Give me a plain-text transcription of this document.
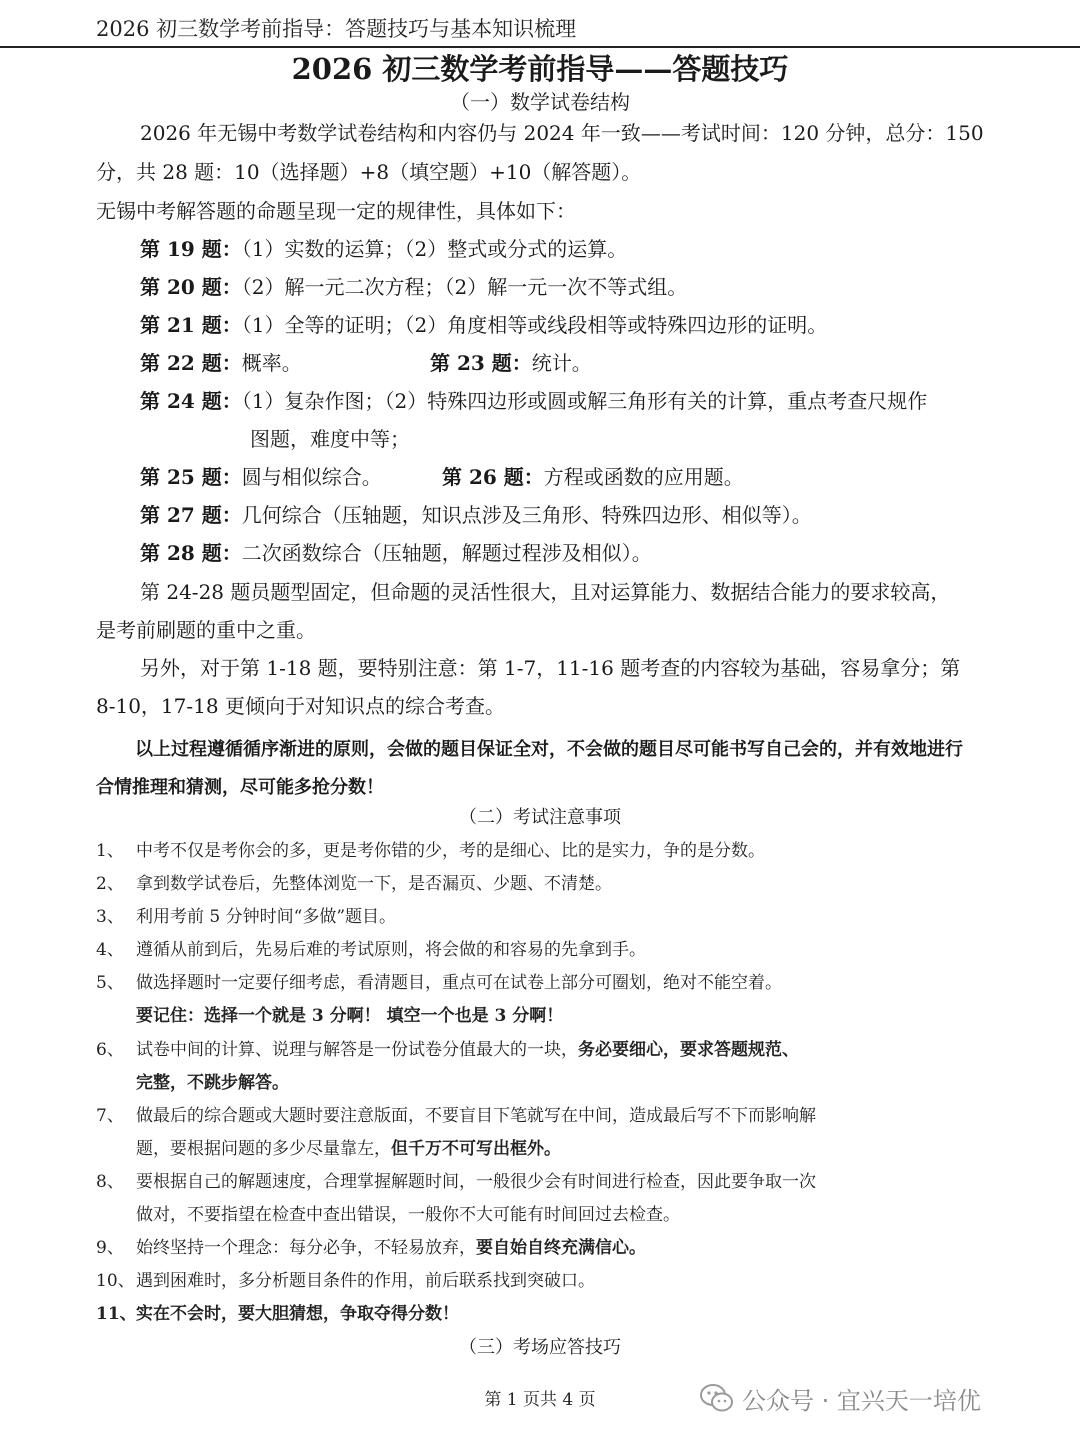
2026 初三数学考前指导：答题技巧与基本知识梳理
2026 初三数学考前指导——答题技巧
（一）数学试卷结构
2026 年无锡中考数学试卷结构和内容仍与 2024 年一致——考试时间：120 分钟，总分：150
分，共 28 题：10（选择题）+8（填空题）+10（解答题）。
无锡中考解答题的命题呈现一定的规律性，具体如下：
第 19 题：（1）实数的运算；（2）整式或分式的运算。
第 20 题：（2）解一元二次方程；（2）解一元一次不等式组。
第 21 题：（1）全等的证明；（2）角度相等或线段相等或特殊四边形的证明。
第 22 题：概率。	第 23 题：统计。
第 24 题：（1）复杂作图；（2）特殊四边形或圆或解三角形有关的计算，重点考查尺规作
图题，难度中等；
第 25 题：圆与相似综合。	第 26 题：方程或函数的应用题。
第 27 题：几何综合（压轴题，知识点涉及三角形、特殊四边形、相似等）。
第 28 题：二次函数综合（压轴题，解题过程涉及相似）。
第 24-28 题员题型固定，但命题的灵活性很大，且对运算能力、数据结合能力的要求较高，
是考前刷题的重中之重。
另外，对于第 1-18 题，要特别注意：第 1-7，11-16 题考查的内容较为基础，容易拿分；第
8-10，17-18 更倾向于对知识点的综合考查。
以上过程遵循循序渐进的原则，会做的题目保证全对，不会做的题目尽可能书写自己会的，并有效地进行
合情推理和猜测，尽可能多抢分数！
（二）考试注意事项
1、 中考不仅是考你会的多，更是考你错的少，考的是细心、比的是实力，争的是分数。
2、 拿到数学试卷后，先整体浏览一下，是否漏页、少题、不清楚。
3、 利用考前 5 分钟时间“多做”题目。
4、 遵循从前到后，先易后难的考试原则，将会做的和容易的先拿到手。
5、 做选择题时一定要仔细考虑，看清题目，重点可在试卷上部分可圈划，绝对不能空着。
要记住：选择一个就是 3 分啊！ 填空一个也是 3 分啊！
6、 试卷中间的计算、说理与解答是一份试卷分值最大的一块，务必要细心，要求答题规范、
完整，不跳步解答。
7、 做最后的综合题或大题时要注意版面，不要盲目下笔就写在中间，造成最后写不下而影响解
题，要根据问题的多少尽量靠左，但千万不可写出框外。
8、 要根据自己的解题速度，合理掌握解题时间，一般很少会有时间进行检查，因此要争取一次
做对，不要指望在检查中查出错误，一般你不大可能有时间回过去检查。
9、 始终坚持一个理念：每分必争，不轻易放弃，要自始自终充满信心。
10、遇到困难时，多分析题目条件的作用，前后联系找到突破口。
11、实在不会时，要大胆猜想，争取夺得分数！
（三）考场应答技巧
第 1 页共 4 页	公众号 · 宜兴天一培优
